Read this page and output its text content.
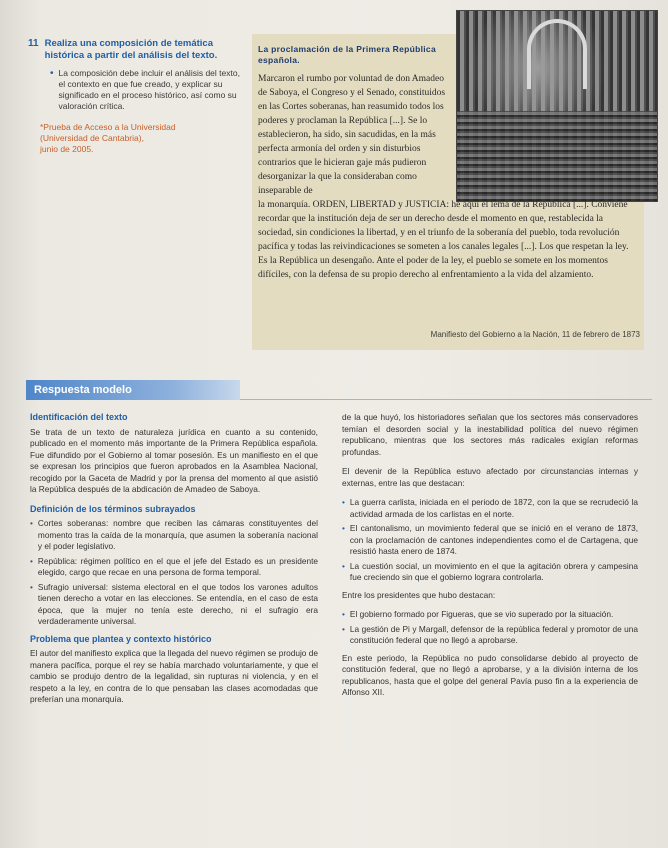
11 Realiza una composición de temática histórica a partir del análisis del texto.
• La composición debe incluir el análisis del texto, el contexto en que fue creado, y explicar su significado en el proceso histórico, así como su valoración crítica.
*Prueba de Acceso a la Universidad
(Universidad de Cantabria),
junio de 2005.
La proclamación de la Primera República española.

Marcaron el rumbo por voluntad de don Amadeo de Saboya, el Congreso y el Senado, constituidos en las Cortes soberanas, han reasumido todos los poderes y proclaman la República [...]. Se lo establecieron, ha sido, sin sacudidas, en la más perfecta armonía del orden y sin disturbios contrarios que le hicieran gaje más pudieron desorganizar la que la consideraban como inseparable de

la monarquía. ORDEN, LIBERTAD y JUSTICIA: he aquí el lema de la República [...]. Conviene recordar que la institución deja de ser un derecho desde el momento en que, restablecida la sociedad, sin condiciones la libertad, y en el triunfo de la soberanía del pueblo, toda revolución pacífica y todas las reivindicaciones se someten a los canales legales [...]. Los que respetan la ley. Es la República un desengaño. Ante el poder de la ley, el pueblo se somete en los momentos difíciles, con la defensa de su propio derecho al enfrentamiento a la vida del alzamiento.

Manifiesto del Gobierno a la Nación, 11 de febrero de 1873
Respuesta modelo
Identificación del texto

Se trata de un texto de naturaleza jurídica en cuanto a su contenido, publicado en el momento más importante de la Primera República española. Fue difundido por el Gobierno al tomar posesión. Es un manifiesto en el que se expresan los principios que fueron aprobados en la Asamblea Nacional, recogido por la Gaceta de Madrid y por la prensa del momento al que asistió la República después de la abdicación de Amadeo de Saboya.

Definición de los términos subrayados
• Cortes soberanas: nombre que reciben las cámaras constituyentes del momento tras la caída de la monarquía, que asumen la soberanía nacional y el poder legislativo.
• República: régimen político en el que el jefe del Estado es un presidente elegido, cargo que recae en una persona de forma temporal.
• Sufragio universal: sistema electoral en el que todos los varones adultos tienen derecho a votar en las elecciones. Se entendía, en el caso de esta época, que la mujer no tenía este derecho, ni el sufragio era verdaderamente universal.
Problema que plantea y contexto histórico

El autor del manifiesto explica que la llegada del nuevo régimen se produjo de manera pacífica, porque el rey se había marchado voluntariamente, y que el cambio se produjo dentro de la legalidad, sin rupturas ni violencia, y en el respeto a la ley, en contra de lo que pensaban las clases acomodadas que preferían una monarquía.

de la que huyó, los historiadores señalan que los sectores más conservadores temían el desorden social y la inestabilidad política del nuevo régimen republicano, mientras que los sectores más radicales exigían reformas profundas.

El devenir de la República estuvo afectado por circunstancias internas y externas, entre las que destacan:

• La guerra carlista, iniciada en el periodo de 1872, con la que se recrudeció la actividad armada de los carlistas en el norte.
• El cantonalismo, un movimiento federal que se inició en el verano de 1873, con la proclamación de cantones independientes como el de Cartagena, que resistió hasta enero de 1874.
• La cuestión social, un movimiento en el que la agitación obrera y campesina fue creciendo sin que el gobierno lograra controlarla.

Entre los presidentes que hubo destacan:

• El gobierno formado por Figueras, que se vio superado por la situación.
• La gestión de Pi y Margall, defensor de la república federal y promotor de una constitución federal que no llegó a aprobarse.

En este periodo, la República no pudo consolidarse debido al proyecto de constitución federal, que no llegó a aprobarse, y a la división interna de los republicanos, hasta que el golpe del general Pavía puso fin a la experiencia de Alfonso XII.
